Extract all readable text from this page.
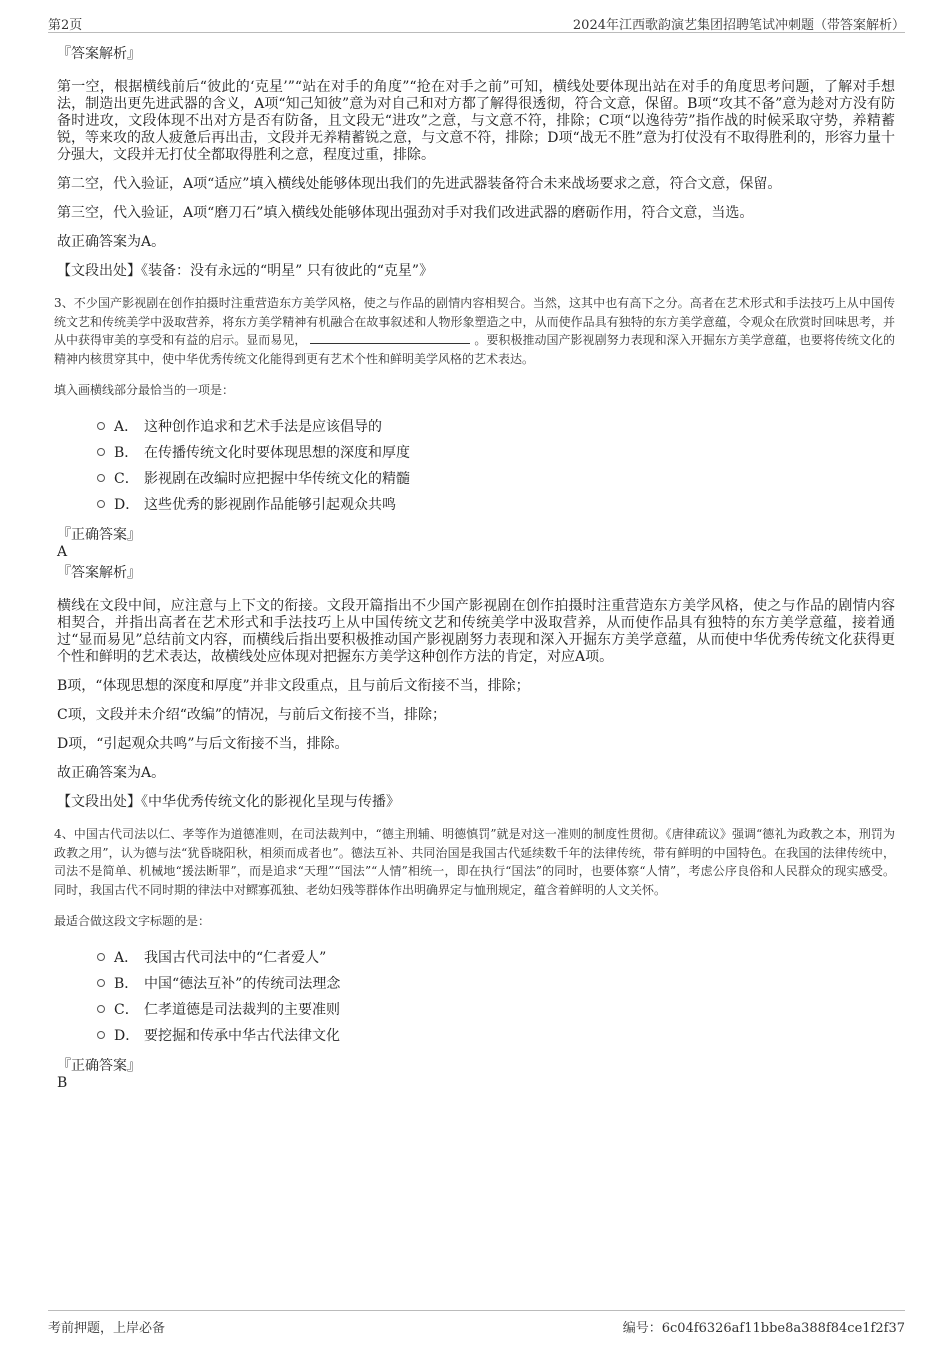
第2页	2024年江西歌韵演艺集团招聘笔试冲刺题（带答案解析）

『答案解析』

第一空，根据横线前后“彼此的‘克星’”“站在对手的角度”“抢在对手之前”可知，横线处要体现出站在对手的角度思考问题，了解对手想法，制造出更先进武器的含义，A项“知己知彼”意为对自己和对方都了解得很透彻，符合文意，保留。B项“攻其不备”意为趁对方没有防备时进攻，文段体现不出对方是否有防备，且文段无“进攻”之意，与文意不符，排除；C项“以逸待劳”指作战的时候采取守势，养精蓄锐，等来攻的敌人疲惫后再出击，文段并无养精蓄锐之意，与文意不符，排除；D项“战无不胜”意为打仗没有不取得胜利的，形容力量十分强大，文段并无打仗全都取得胜利之意，程度过重，排除。

第二空，代入验证，A项“适应”填入横线处能够体现出我们的先进武器装备符合未来战场要求之意，符合文意，保留。

第三空，代入验证，A项“磨刀石”填入横线处能够体现出强劲对手对我们改进武器的磨砺作用，符合文意，当选。

故正确答案为A。

【文段出处】《装备：没有永远的“明星” 只有彼此的“克星”》

3、不少国产影视剧在创作拍摄时注重营造东方美学风格，使之与作品的剧情内容相契合。当然，这其中也有高下之分。高者在艺术形式和手法技巧上从中国传统文艺和传统美学中汲取营养，将东方美学精神有机融合在故事叙述和人物形象塑造之中，从而使作品具有独特的东方美学意蕴，令观众在欣赏时回味思考，并从中获得审美的享受和有益的启示。显而易见，	。要积极推动国产影视剧努力表现和深入开掘东方美学意蕴，也要将传统文化的精神内核贯穿其中，使中华优秀传统文化能得到更有艺术个性和鲜明美学风格的艺术表达。

填入画横线部分最恰当的一项是：

A． 这种创作追求和艺术手法是应该倡导的
B． 在传播传统文化时要体现思想的深度和厚度
C． 影视剧在改编时应把握中华传统文化的精髓
D． 这些优秀的影视剧作品能够引起观众共鸣

『正确答案』

A

『答案解析』

横线在文段中间，应注意与上下文的衔接。文段开篇指出不少国产影视剧在创作拍摄时注重营造东方美学风格，使之与作品的剧情内容相契合，并指出高者在艺术形式和手法技巧上从中国传统文艺和传统美学中汲取营养，从而使作品具有独特的东方美学意蕴，接着通过“显而易见”总结前文内容，而横线后指出要积极推动国产影视剧努力表现和深入开掘东方美学意蕴，从而使中华优秀传统文化获得更个性和鲜明的艺术表达，故横线处应体现对把握东方美学这种创作方法的肯定，对应A项。

B项，“体现思想的深度和厚度”并非文段重点，且与前后文衔接不当，排除；

C项，文段并未介绍“改编”的情况，与前后文衔接不当，排除；

D项，“引起观众共鸣”与后文衔接不当，排除。

故正确答案为A。

【文段出处】《中华优秀传统文化的影视化呈现与传播》

4、中国古代司法以仁、孝等作为道德准则，在司法裁判中，“德主刑辅、明德慎罚”就是对这一准则的制度性贯彻。《唐律疏议》强调“德礼为政教之本，刑罚为政教之用”，认为德与法“犹昏晓阳秋，相须而成者也”。德法互补、共同治国是我国古代延续数千年的法律传统，带有鲜明的中国特色。在我国的法律传统中，司法不是简单、机械地“援法断罪”，而是追求“天理”“国法”“人情”相统一，即在执行“国法”的同时，也要体察“人情”，考虑公序良俗和人民群众的现实感受。同时，我国古代不同时期的律法中对鳏寡孤独、老幼妇残等群体作出明确界定与恤刑规定，蕴含着鲜明的人文关怀。

最适合做这段文字标题的是：

A． 我国古代司法中的“仁者爱人”
B． 中国“德法互补”的传统司法理念
C． 仁孝道德是司法裁判的主要准则
D． 要挖掘和传承中华古代法律文化

『正确答案』

B

考前押题，上岸必备	编号：6c04f6326af11bbe8a388f84ce1f2f37
